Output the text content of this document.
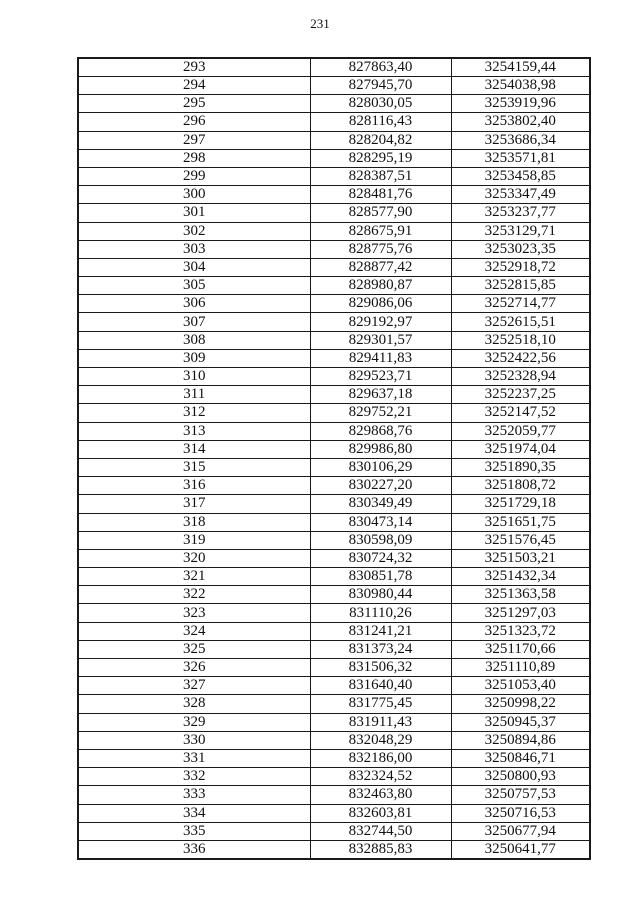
231
293	827863,40	3254159,44
294	827945,70	3254038,98
295	828030,05	3253919,96
296	828116,43	3253802,40
297	828204,82	3253686,34
298	828295,19	3253571,81
299	828387,51	3253458,85
300	828481,76	3253347,49
301	828577,90	3253237,77
302	828675,91	3253129,71
303	828775,76	3253023,35
304	828877,42	3252918,72
305	828980,87	3252815,85
306	829086,06	3252714,77
307	829192,97	3252615,51
308	829301,57	3252518,10
309	829411,83	3252422,56
310	829523,71	3252328,94
311	829637,18	3252237,25
312	829752,21	3252147,52
313	829868,76	3252059,77
314	829986,80	3251974,04
315	830106,29	3251890,35
316	830227,20	3251808,72
317	830349,49	3251729,18
318	830473,14	3251651,75
319	830598,09	3251576,45
320	830724,32	3251503,21
321	830851,78	3251432,34
322	830980,44	3251363,58
323	831110,26	3251297,03
324	831241,21	3251323,72
325	831373,24	3251170,66
326	831506,32	3251110,89
327	831640,40	3251053,40
328	831775,45	3250998,22
329	831911,43	3250945,37
330	832048,29	3250894,86
331	832186,00	3250846,71
332	832324,52	3250800,93
333	832463,80	3250757,53
334	832603,81	3250716,53
335	832744,50	3250677,94
336	832885,83	3250641,77
